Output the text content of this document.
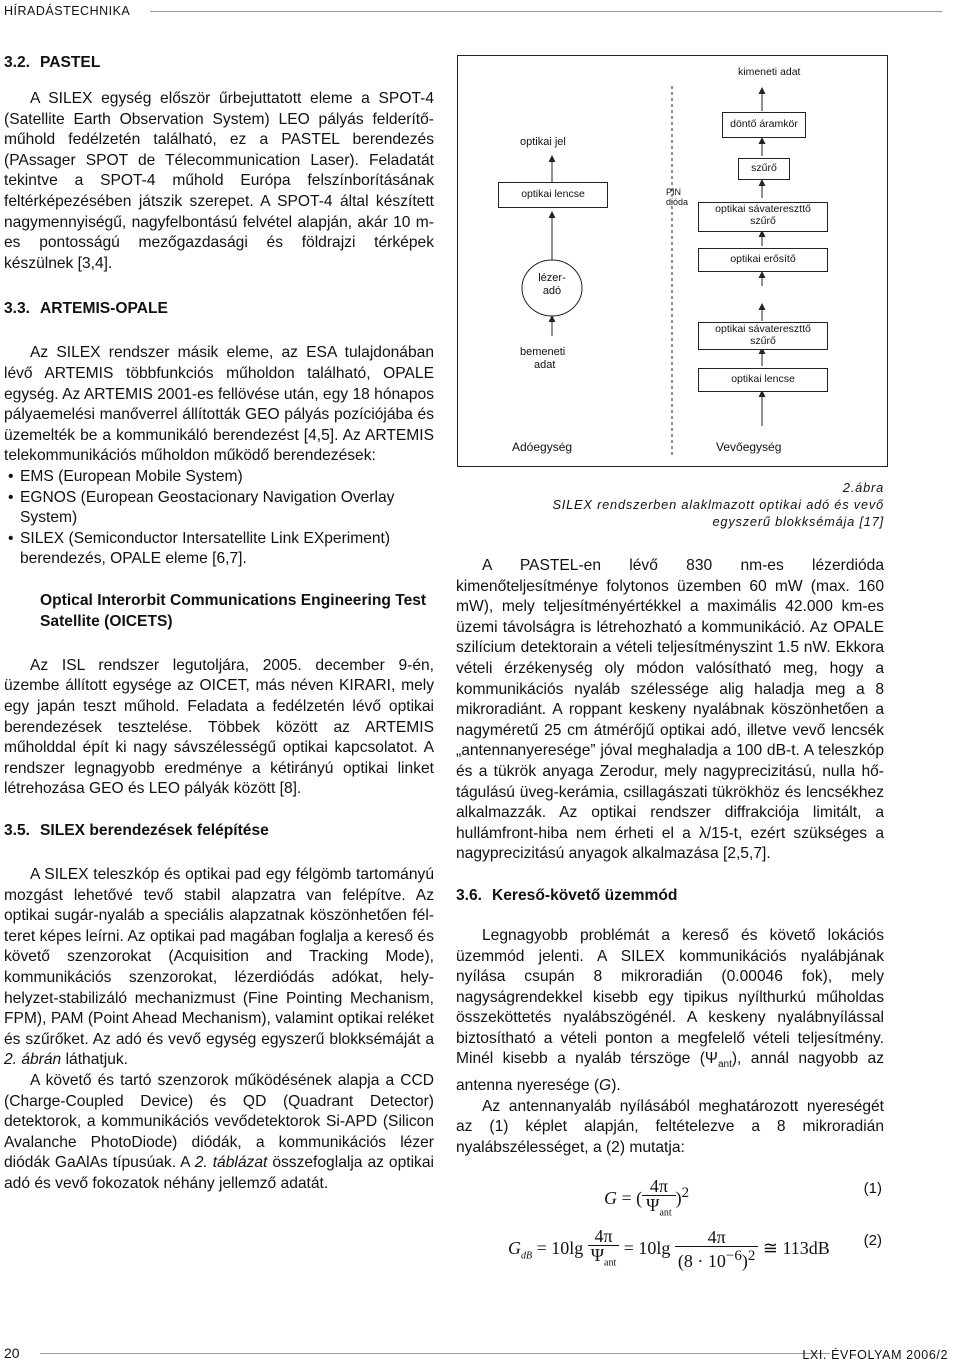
HÍRADÁSTECHNIKA
3.2. PASTEL

A SILEX egység először űrbejuttatott eleme a SPOT-4 (Satellite Earth Observation System) LEO pályás felderítő-műhold fedélzetén található, ez a PASTEL berendezés (PAssager SPOT de Télecommunication Laser). Feladatát tekintve a SPOT-4 műhold Európa felszínborításának feltérképezésében játszik szerepet. A SPOT-4 által készített nagymennyiségű, nagyfelbontású felvétel alapján, akár 10 m-es pontosságú mezőgazdasági és földrajzi térképek készülnek [3,4].

3.3. ARTEMIS-OPALE

Az SILEX rendszer másik eleme, az ESA tulajdonában lévő ARTEMIS többfunkciós műholdon található, OPALE egység. Az ARTEMIS 2001-es fellövése után, egy 18 hónapos pályaemelési manőverrel állították GEO pályás pozíciójába és üzemelték be a kommunikáló berendezést [4,5]. Az ARTEMIS telekommunikációs műholdon működő berendezések:

• EMS (European Mobile System)
• EGNOS (European Geostacionary Navigation Overlay System)
• SILEX (Semiconductor Intersatellite Link EXperiment) berendezés, OPALE eleme [6,7].
Optical Interorbit Communications Engineering Test Satellite (OICETS)

Az ISL rendszer legutoljára, 2005. december 9-én, üzembe állított egysége az OICET, más néven KIRARI, mely egy japán teszt műhold. Feladata a fedélzetén lévő optikai berendezések tesztelése. Többek között az ARTEMIS műholddal épít ki nagy sávszélességű optikai kapcsolatot. A rendszer legnagyobb eredménye a kétirányú optikai linket létrehozása GEO és LEO pályák között [8].

3.5. SILEX berendezések felépítése

A SILEX teleszkóp és optikai pad egy félgömb tartományú mozgást lehetővé tevő stabil alapzatra van felépítve. Az optikai sugár-nyaláb a speciális alapzatnak köszönhetően fél-teret képes leírni. Az optikai pad magában foglalja a kereső és követő szenzorokat (Acquisition and Tracking Mode), kommunikációs szenzorokat, lézerdiódás adókat, hely-helyzet-stabilizáló mechanizmust (Fine Pointing Mechanism, FPM), PAM (Point Ahead Mechanism), valamint optikai reléket és szűrőket. Az adó és vevő egység egyszerű blokksémáját a 2. ábrán láthatjuk.

A követő és tartó szenzorok működésének alapja a CCD (Charge-Coupled Device) és QD (Quadrant Detector) detektorok, a kommunikációs vevődetektorok Si-APD (Silicon Avalanche PhotoDiode) diódák, a kommunikációs lézer diódák GaAlAs típusúak. A 2. táblázat összefoglalja az optikai adó és vevő fokozatok néhány jellemző adatát.

optikai jel
optikai lencse
lézer-
adó
bemeneti
adat
Adóegység
kimeneti adat
döntő áramkör
szűrő
PIN
dióda
optikai sávatereszttő
szűrő
optikai erősítő
optikai sávatereszttő
szűrő
optikai lencse
Vevőegység
2.ábra
SILEX rendszerben alaklmazott optikai adó és vevő
egyszerű blokksémája [17]

A PASTEL-en lévő 830 nm-es lézerdióda kimenőteljesítménye folytonos üzemben 60 mW (max. 160 mW), mely teljesítményértékkel a maximális 42.000 km-es üzemi távolságra is létrehozható a kommunikáció. Az OPALE szilícium detektorain a vételi teljesítményszint 1.5 nW. Ekkora vételi érzékenység oly módon valósítható meg, hogy a kommunikációs nyaláb szélessége alig haladja meg a 8 mikroradiánt. A roppant keskeny nyalábnak köszönhetően a nagyméretű 25 cm átmérőjű optikai adó, illetve vevő lencsék „antennanyeresége” jóval meghaladja a 100 dB-t. A teleszkóp és a tükrök anyaga Zerodur, mely nagyprecizitású, nulla hő-tágulású üveg-kerámia, csillagászati tükrökhöz és lencsékhez alkalmazzák. Az optikai rendszer diffrakciója limitált, a hullámfront-hiba nem érheti el a λ/15-t, ezért szükséges a nagyprecizitású anyagok alkalmazása [2,5,7].

3.6. Kereső-követő üzemmód

Legnagyobb problémát a kereső és követő lokációs üzemmód jelenti. A SILEX kommunikációs nyalábjának nyílása csupán 8 mikroradián (0.00046 fok), mely nagyságrendekkel kisebb egy tipikus nyílthurkú műholdas összeköttetés nyalábszögénél. A keskeny nyalábnyílással biztosítható a vételi ponton a megfelelő vételi teljesítmény. Minél kisebb a nyaláb térszöge $(\Psi_{ant})$, annál nagyobb az antenna nyeresége (G).

Az antennanyaláb nyílásából meghatározott nyereségét az (1) képlet alapján, feltételezve a 8 mikroradián nyalábszélességet, a (2) mutatja:

G = (4π
$\Psi_{ant})^2$	(1)
$G_{dB} = 10\lg$ 4π
$\Psi_{ant} = 10\lg \frac{4\pi}{(8 \cdot 10^{-6})^2}$ ≅ 113dB (2)
20	LXI. ÉVFOLYAM 2006/2
